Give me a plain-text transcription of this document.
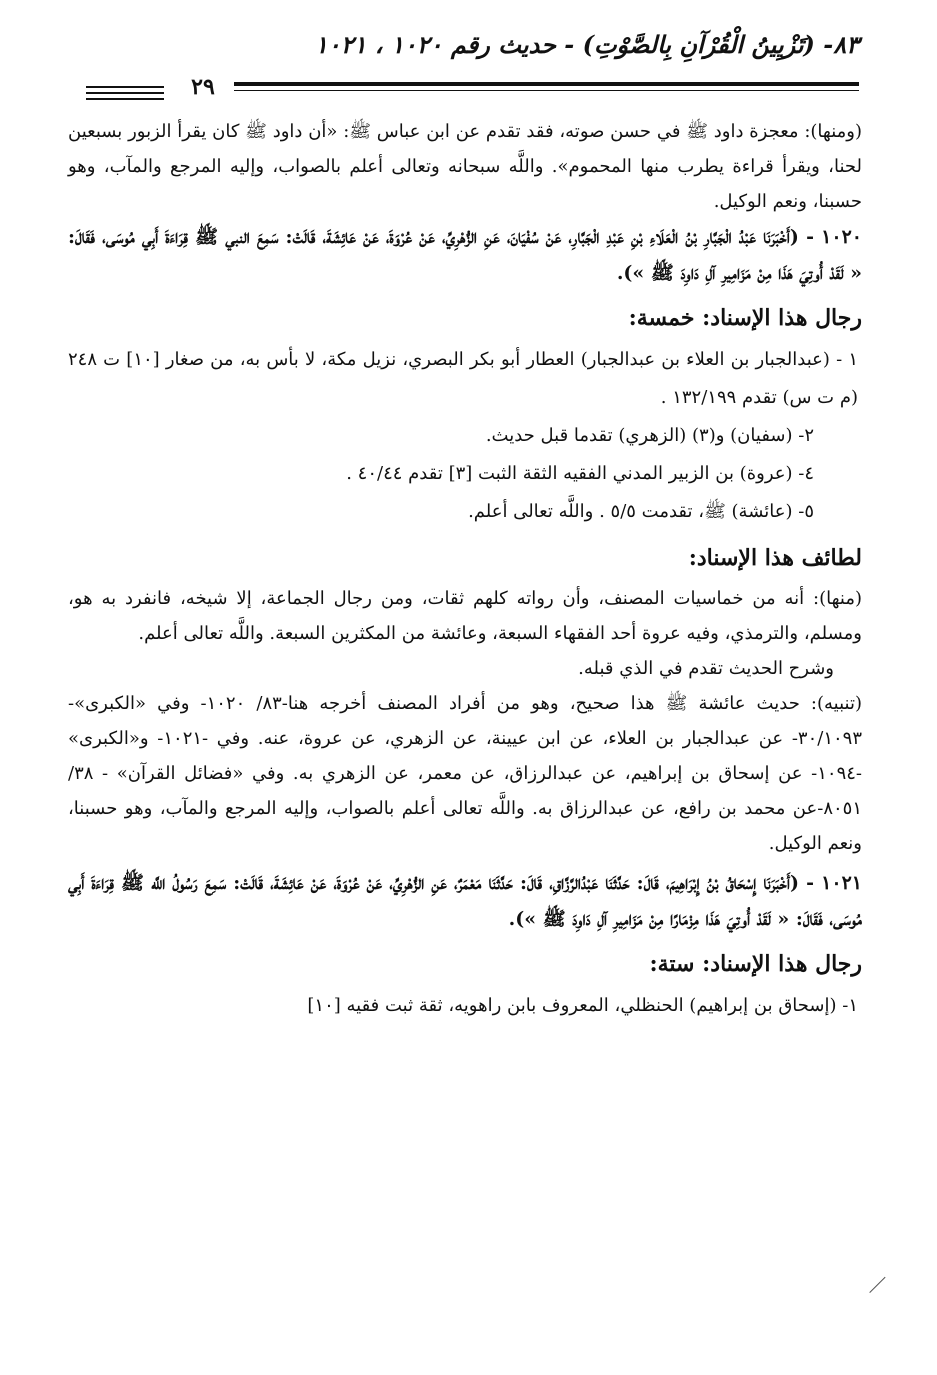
٨٣- (تَزْيِينُ الْقُرْآنِ بِالصَّوْتِ) - حديث رقم ١٠٢٠ ، ١٠٢١
٢٩

(ومنها): معجزة داود ﷺ في حسن صوته، فقد تقدم عن ابن عباس ﷺ: «أن داود ﷺ كان يقرأ الزبور بسبعين لحنا، ويقرأ قراءة يطرب منها المحموم». واللَّه سبحانه وتعالى أعلم بالصواب، وإليه المرجع والمآب، وهو حسبنا، ونعم الوكيل.

١٠٢٠ - (أَخْبَرَنَا عَبْدُ الْجَبَّارِ بْنُ الْعَلَاءِ بْنِ عَبْدِ الْجَبَّارِ، عَنْ سُفْيَانَ، عَنِ الزُّهْرِيِّ، عَنْ عُرْوَةَ، عَنْ عَائِشَةَ، قَالَتْ: سَمِعَ النبي ﷺ قِرَاءَةَ أَبِي مُوسَى، فَقَالَ: « لَقَدْ أُوتِيَ هَذَا مِنْ مَزَامِيرِ آلِ دَاوِدَ ﷺ »).

رجال هذا الإسناد: خمسة:

١ - (عبدالجبار بن العلاء بن عبدالجبار) العطار أبو بكر البصري، نزيل مكة، لا بأس به، من صغار [١٠] ت ٢٤٨ (م ت س) تقدم ١٣٢/١٩٩ .

٢- (سفيان) و(٣) (الزهري) تقدما قبل حديث.

٤- (عروة) بن الزبير المدني الفقيه الثقة الثبت [٣] تقدم ٤٠/٤٤ .

٥- (عائشة) ﷺ، تقدمت ٥/٥ . واللَّه تعالى أعلم.

لطائف هذا الإسناد:

(منها): أنه من خماسيات المصنف، وأن رواته كلهم ثقات، ومن رجال الجماعة، إلا شيخه، فانفرد به هو، ومسلم، والترمذي، وفيه عروة أحد الفقهاء السبعة، وعائشة من المكثرين السبعة. واللَّه تعالى أعلم.

وشرح الحديث تقدم في الذي قبله.

(تنبيه): حديث عائشة ﷺ هذا صحيح، وهو من أفراد المصنف أخرجه هنا-٨٣/ ١٠٢٠- وفي «الكبرى»- ٣٠/١٠٩٣- عن عبدالجبار بن العلاء، عن ابن عيينة، عن الزهري، عن عروة، عنه. وفي -١٠٢١- و«الكبرى» -١٠٩٤- عن إسحاق بن إبراهيم، عن عبدالرزاق، عن معمر، عن الزهري به. وفي «فضائل القرآن» - ٣٨/ ٨٠٥١-عن محمد بن رافع، عن عبدالرزاق به. واللَّه تعالى أعلم بالصواب، وإليه المرجع والمآب، وهو حسبنا، ونعم الوكيل.

١٠٢١ - (أَخْبَرَنَا إِسْحَاقُ بْنُ إِبْرَاهِيمَ، قَالَ: حَدَّثَنَا عَبْدُالرَّزَّاقِ، قَالَ: حَدَّثَنَا مَعْمَرٌ، عَنِ الزُّهْرِيِّ، عَنْ عُرْوَةَ، عَنْ عَائِشَةَ، قَالَتْ: سَمِعَ رَسُولُ اللَّه ﷺ قِرَاءَةَ أَبِي مُوسَى، فَقَالَ: « لَقَدْ أُوتِيَ هَذَا مِزْمَارًا مِنْ مَزَامِيرِ آلِ دَاوِدَ ﷺ »).

رجال هذا الإسناد: ستة:

١- (إسحاق بن إبراهيم) الحنظلي، المعروف بابن راهويه، ثقة ثبت فقيه [١٠]
